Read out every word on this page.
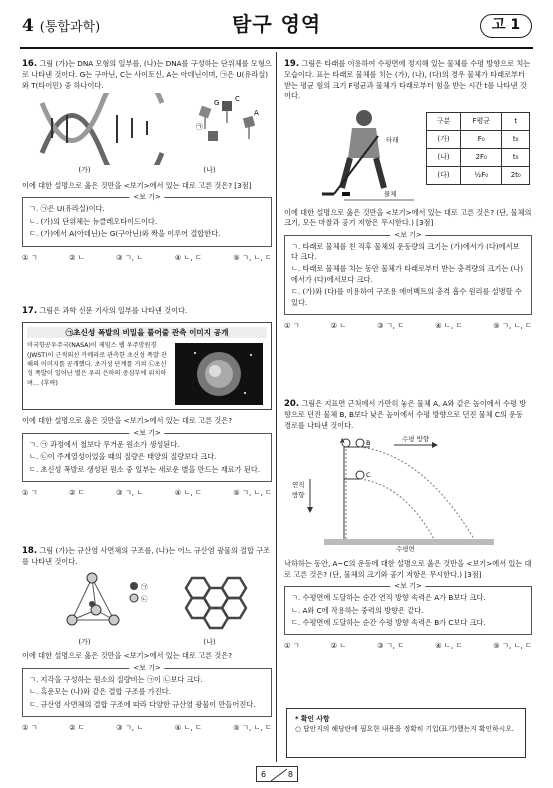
4 (통합과학)	탐구 영역	고 1
16. 그림 (가)는 DNA 모형의 일부를, (나)는 DNA를 구성하는 단위체를 모형으로 나타낸 것이다. G는 구아닌, C는 사이토신, A는 아데닌이며, ㉠은 U(유라실)와 T(타이민) 중 하나이다.
G C
A
㉠
(가)	(나)
이에 대한 설명으로 옳은 것만을 <보기>에서 있는 대로 고른 것은? [3점]
<보 기>
ㄱ. ㉠은 U(유라실)이다.
ㄴ. (가)의 단위체는 뉴클레오타이드이다.
ㄷ. (가)에서 A(아데닌)는 G(구아닌)와 짝을 이루어 결합한다.
① ㄱ	② ㄴ	③ ㄱ, ㄴ	④ ㄴ, ㄷ	⑤ ㄱ, ㄴ, ㄷ
17. 그림은 과학 신문 기사의 일부를 나타낸 것이다.
㉠초신성 폭발의 비밀을 풀어줄 관측 이미지 공개
미국항공우주국(NASA)이 제임스 웹 우주망원경(JWST)이 근적외선 카메라로 관측한 초신성 폭발 잔해의 이미지를 공개했다. 초거성 단계를 거쳐 ㉡초신성 폭발이 일어난 별은 우리 은하의 중심부에 위치하며… (후략)
이에 대한 설명으로 옳은 것만을 <보기>에서 있는 대로 고른 것은?
<보 기>
ㄱ. ㉠ 과정에서 철보다 무거운 원소가 생성된다.
ㄴ. ㉡이 주계열성이었을 때의 질량은 태양의 질량보다 크다.
ㄷ. 초신성 폭발로 생성된 원소 중 일부는 새로운 별을 만드는 재료가 된다.
① ㄱ	② ㄷ	③ ㄱ, ㄴ	④ ㄴ, ㄷ	⑤ ㄱ, ㄴ, ㄷ
18. 그림 (가)는 규산염 사면체의 구조를, (나)는 어느 규산염 광물의 결합 구조를 나타낸 것이다.
㉠
㉡
(가)	(나)
이에 대한 설명으로 옳은 것만을 <보기>에서 있는 대로 고른 것은?
<보 기>
ㄱ. 지각을 구성하는 원소의 질량비는 ㉠이 ㉡보다 크다.
ㄴ. 흑운모는 (나)와 같은 결합 구조를 가진다.
ㄷ. 규산염 사면체의 결합 구조에 따라 다양한 규산염 광물이 만들어진다.
① ㄱ	② ㄷ	③ ㄱ, ㄴ	④ ㄴ, ㄷ	⑤ ㄱ, ㄴ, ㄷ
19. 그림은 타래를 이용하여 수평면에 정지해 있는 물체를 수평 방향으로 치는 모습이다. 표는 타래로 물체를 치는 (가), (나), (다)의 경우 물체가 타래로부터 받는 평균 힘의 크기 F평균과 물체가 타래로부터 힘을 받는 시간 t를 나타낸 것이다.
타래
물체
구분	F평균	t
(가)	F₀	t₀
(나)	2F₀	t₀
(다)	½F₀	2t₀
이에 대한 설명으로 옳은 것만을 <보기>에서 있는 대로 고른 것은? (단, 물체의 크기, 모든 마찰과 공기 저항은 무시한다.) [3점]
<보 기>
ㄱ. 타래로 물체를 친 직후 물체의 운동량의 크기는 (가)에서가 (다)에서보다 크다.
ㄴ. 타래로 물체를 치는 동안 물체가 타래로부터 받는 충격량의 크기는 (나)에서가 (다)에서보다 크다.
ㄷ. (가)와 (다)를 이용하여 구조용 에어백트의 충격 흡수 원리를 설명할 수 있다.
① ㄱ	② ㄴ	③ ㄱ, ㄷ	④ ㄴ, ㄷ	⑤ ㄱ, ㄴ, ㄷ
20. 그림은 지표면 근처에서 가만히 놓은 물체 A, A와 같은 높이에서 수평 방향으로 던진 물체 B, B보다 낮은 높이에서 수평 방향으로 던진 물체 C의 운동 경로를 나타낸 것이다.
A	B
C
수평 방향
연직 방향
수평면
낙하하는 동안, A~C의 운동에 대한 설명으로 옳은 것만을 <보기>에서 있는 대로 고른 것은? (단, 물체의 크기와 공기 저항은 무시한다.) [3점]
<보 기>
ㄱ. 수평면에 도달하는 순간 연직 방향 속력은 A가 B보다 크다.
ㄴ. A와 C에 작용하는 중력의 방향은 같다.
ㄷ. 수평면에 도달하는 순간 수평 방향 속력은 B가 C보다 크다.
① ㄱ	② ㄴ	③ ㄱ, ㄷ	④ ㄴ, ㄷ	⑤ ㄱ, ㄴ, ㄷ
* 확인 사항
○ 답안지의 해당란에 필요한 내용을 정확히 기입(표기)했는지 확인하시오.
6	8
